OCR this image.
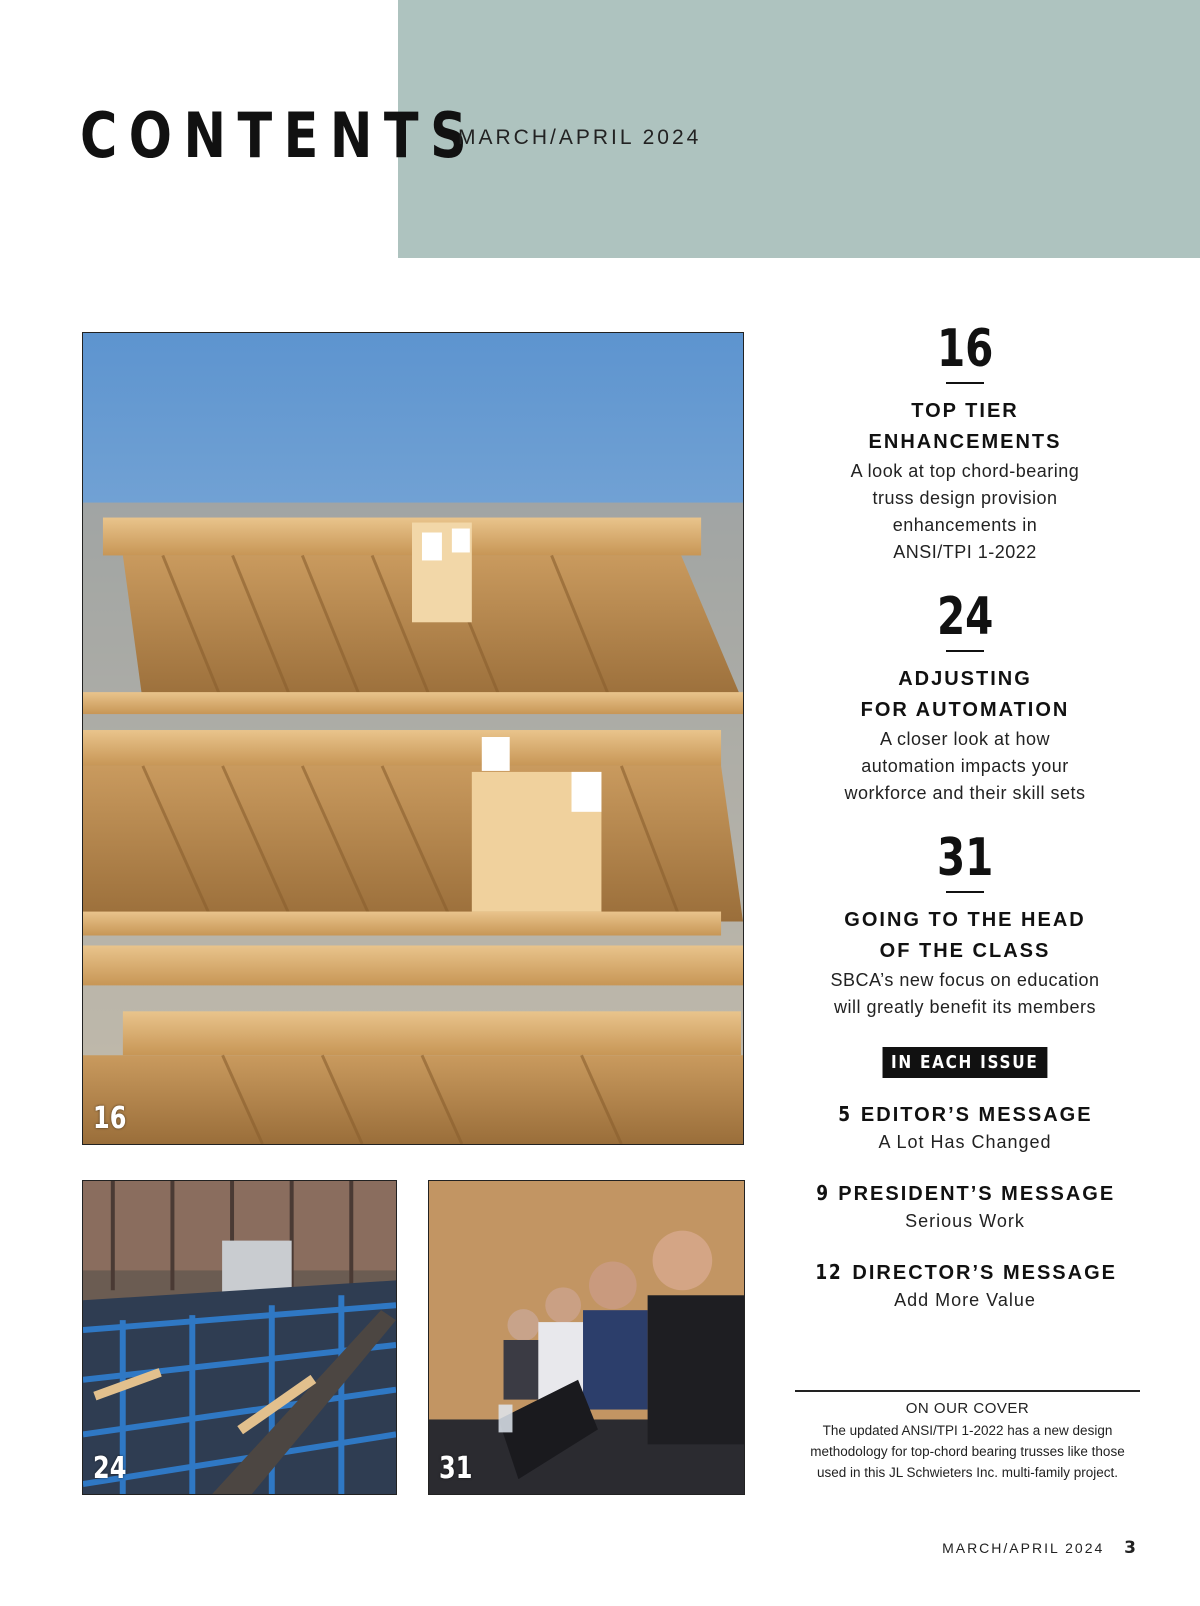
CONTENTS
MARCH/APRIL 2024
16
24	31
16
TOP TIER
ENHANCEMENTS
A look at top chord-bearing
truss design provision
enhancements in
ANSI/TPI 1-2022
24
ADJUSTING
FOR AUTOMATION
A closer look at how
automation impacts your
workforce and their skill sets
31
GOING TO THE HEAD
OF THE CLASS
SBCA’s new focus on education
will greatly benefit its members
IN EACH ISSUE
5 EDITOR’S MESSAGE
A Lot Has Changed
9 PRESIDENT’S MESSAGE
Serious Work
12 DIRECTOR’S MESSAGE
Add More Value
ON OUR COVER
The updated ANSI/TPI 1-2022 has a new design methodology for top-chord bearing trusses like those used in this JL Schwieters Inc. multi-family project.
MARCH/APRIL 2024 3
